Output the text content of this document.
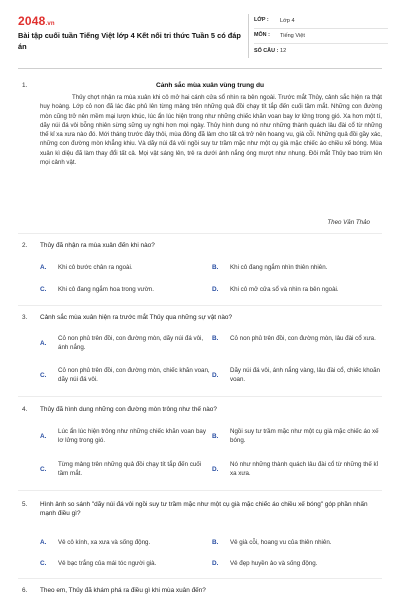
2048.vn
Bài tập cuối tuần Tiếng Việt lớp 4 Kết nối tri thức Tuần 5 có đáp án
LỚP :	Lớp 4
MÔN :	Tiếng Việt
SỐ CÂU : 12
1.	Cảnh sắc mùa xuân vùng trung du
Thủy chợt nhận ra mùa xuân khi cô mở hai cánh cửa sổ nhìn ra bên ngoài. Trước mắt Thủy, cảnh sắc hiện ra thật huy hoàng. Lớp cỏ non đã lác đác phủ lên từng mảng trên những quả đồi chạy tít tắp đến cuối tầm mắt. Những con đường mòn cũng trở nên mềm mại lượn khúc, lúc ẩn lúc hiện trong như những chiếc khăn voan bay lơ lửng trong gió. Xa hơn một tí, dãy núi đá vôi bỗng nhiên sừng sững uy nghi hơn mọi ngày. Thủy hình dung nó như những thành quách lâu đài cổ từ những thế kỉ xa xưa nào đó. Mới tháng trước đây thôi, mùa đông đã làm cho tất cả trở nên hoang vu, già cỗi. Những quả đồi gầy xác, những con đường mòn khẳng khiu. Và dãy núi đá vôi ngồi suy tư trầm mặc như một cụ già mặc chiếc áo chiều xế bóng. Mùa xuân kì diệu đã làm thay đổi tất cả. Mọi vật sáng lên, trẻ ra dưới ánh nắng óng mượt như nhung. Đôi mắt Thủy bao trùm lên mọi cảnh vật.
Theo Văn Thảo
2. Thủy đã nhận ra mùa xuân đến khi nào?
A.	Khi cô bước chân ra ngoài.	B.	Khi cô đang ngắm nhìn thiên nhiên.
C.	Khi cô đang ngắm hoa trong vườn.	D.	Khi cô mở cửa sổ và nhìn ra bên ngoài.
3. Cảnh sắc mùa xuân hiện ra trước mắt Thủy qua những sự vật nào?
A.
Cỏ non phủ trên đồi, con đường mòn, dãy núi đá vôi, ánh nắng.
B.	Cỏ non phủ trên đồi, con đường mòn, lâu đài cổ xưa.
C.
Cỏ non phủ trên đồi, con đường mòn, chiếc khăn voan, dãy núi đá vôi.
D.
Dãy núi đá vôi, ánh nắng vàng, lâu đài cổ, chiếc khoăn voan.
4. Thủy đã hình dung những con đường mòn trông như thế nào?
A.
Lúc ẩn lúc hiện trông như những chiếc khăn voan bay lơ lửng trong gió.
B.
Ngồi suy tư trầm mặc như một cụ già mặc chiếc áo xế bóng.
C.
Từng mảng trên những quả đồi chạy tít tắp đến cuối tầm mắt.
D.
Nó như những thành quách lâu đài cổ từ những thế kỉ xa xưa.
5. Hình ảnh so sánh "dãy núi đá vôi ngồi suy tư trầm mặc như một cụ già mặc chiếc áo chiều xế bóng" góp phần nhấn mạnh điều gì?
A.	Vẻ cô kính, xa xưa và sống động.	B.	Vẻ già cỗi, hoang vu của thiên nhiên.
C.	Vẻ bạc trắng của mái tóc người già.	D.	Vẻ đẹp huyền ảo và sống động.
6. Theo em, Thủy đã khám phá ra điều gì khi mùa xuân đến?
